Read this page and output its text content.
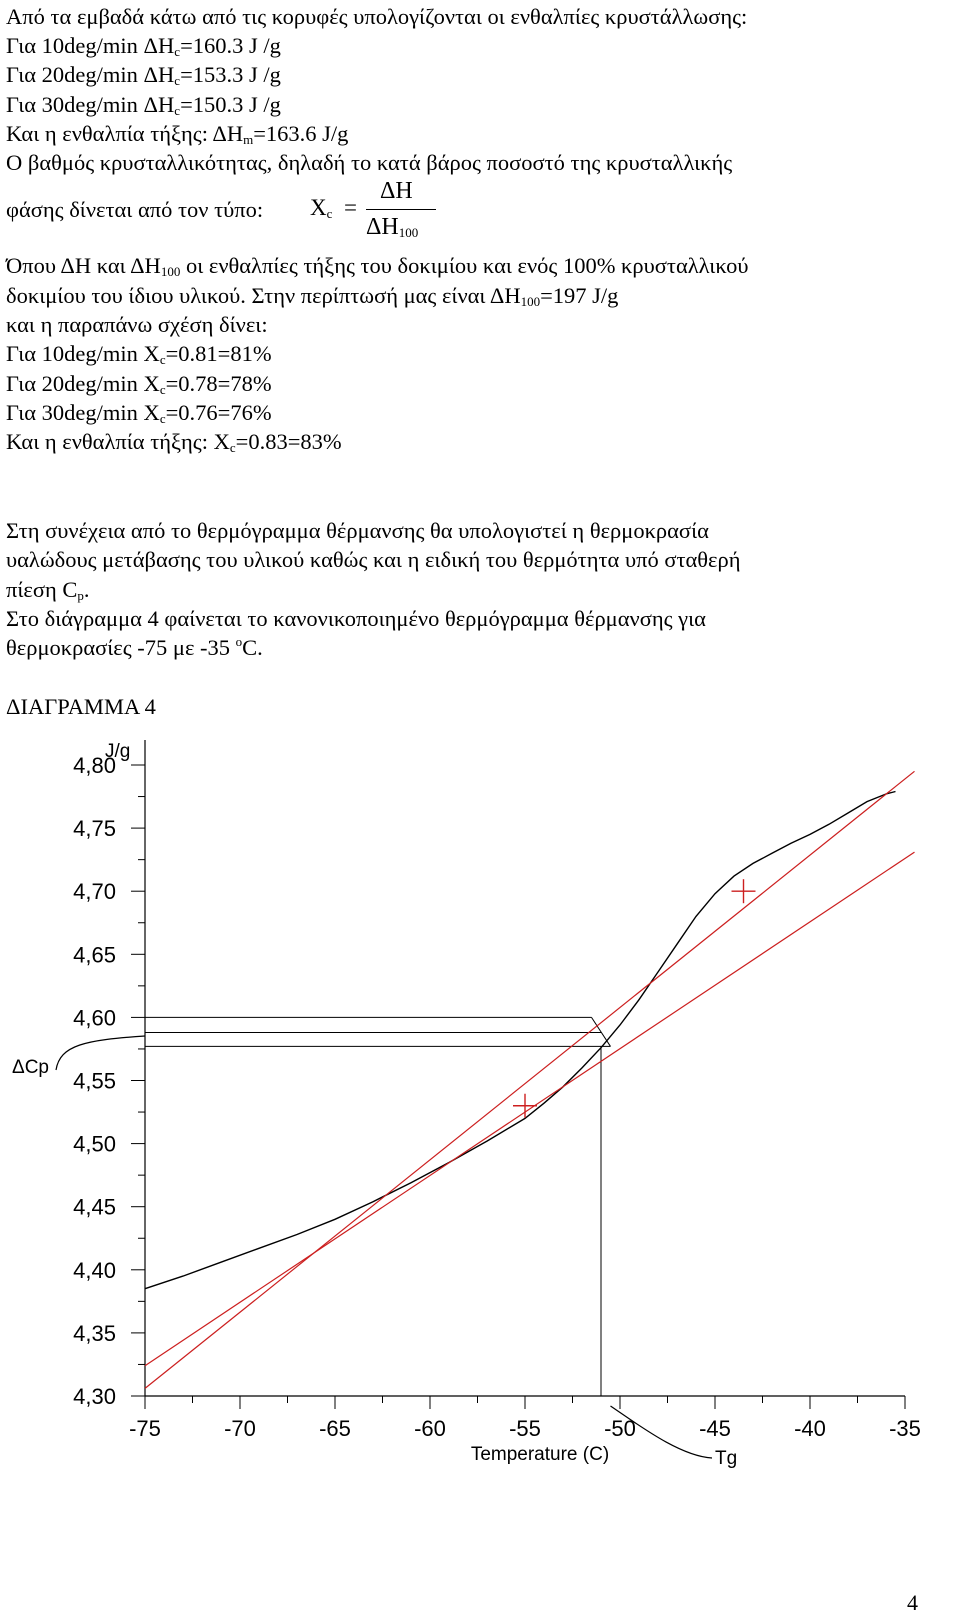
Από τα εμβαδά κάτω από τις κορυφές υπολογίζονται οι ενθαλπίες κρυστάλλωσης:

Για 10deg/min $\Delta H_c=160.3$ J /g

Για 20deg/min $\Delta H_c=153.3$ J /g

Για 30deg/min $\Delta H_c=150.3$ J /g

Και η ενθαλπία τήξης: $\Delta H_m=163.6$ J/g

Ο βαθμός κρυσταλλικότητας, δηλαδή το κατά βάρος ποσοστό της κρυσταλλικής

φάσης δίνεται από τον τύπο: $X_c$ =
ΔH
$\Delta H_{100}$

Όπου ΔH και $\Delta H_{100}$ οι ενθαλπίες τήξης του δοκιμίου και ενός 100% κρυσταλλικού

δοκιμίου του ίδιου υλικού. Στην περίπτωσή μας είναι $\Delta H_{100}=197$ J/g

και η παραπάνω σχέση δίνει:

Για 10deg/min $X_c=0.81=81\%$

Για 20deg/min $X_c=0.78=78\%$

Για 30deg/min $X_c=0.76=76\%$

Και η ενθαλπία τήξης: $X_c=0.83=83\%$

Στη συνέχεια από το θερμόγραμμα θέρμανσης θα υπολογιστεί η θερμοκρασία

υαλώδους μετάβασης του υλικού καθώς και η ειδική του θερμότητα υπό σταθερή

πίεση $C_p$.

Στο διάγραμμα 4 φαίνεται το κανονικοποιημένο θερμόγραμμα θέρμανσης για

θερμοκρασίες -75 με -35 $^o$C.

ΔΙΑΓΡΑΜΜΑ 4

4,30
4,35
4,40
4,45
4,50
4,55
4,60
4,65
4,70
4,75
4,80
-75	-70	-65	-60	-55	-50	-45	-40	-35
J/g
Temperature (C)
ΔCp
Tg
4
